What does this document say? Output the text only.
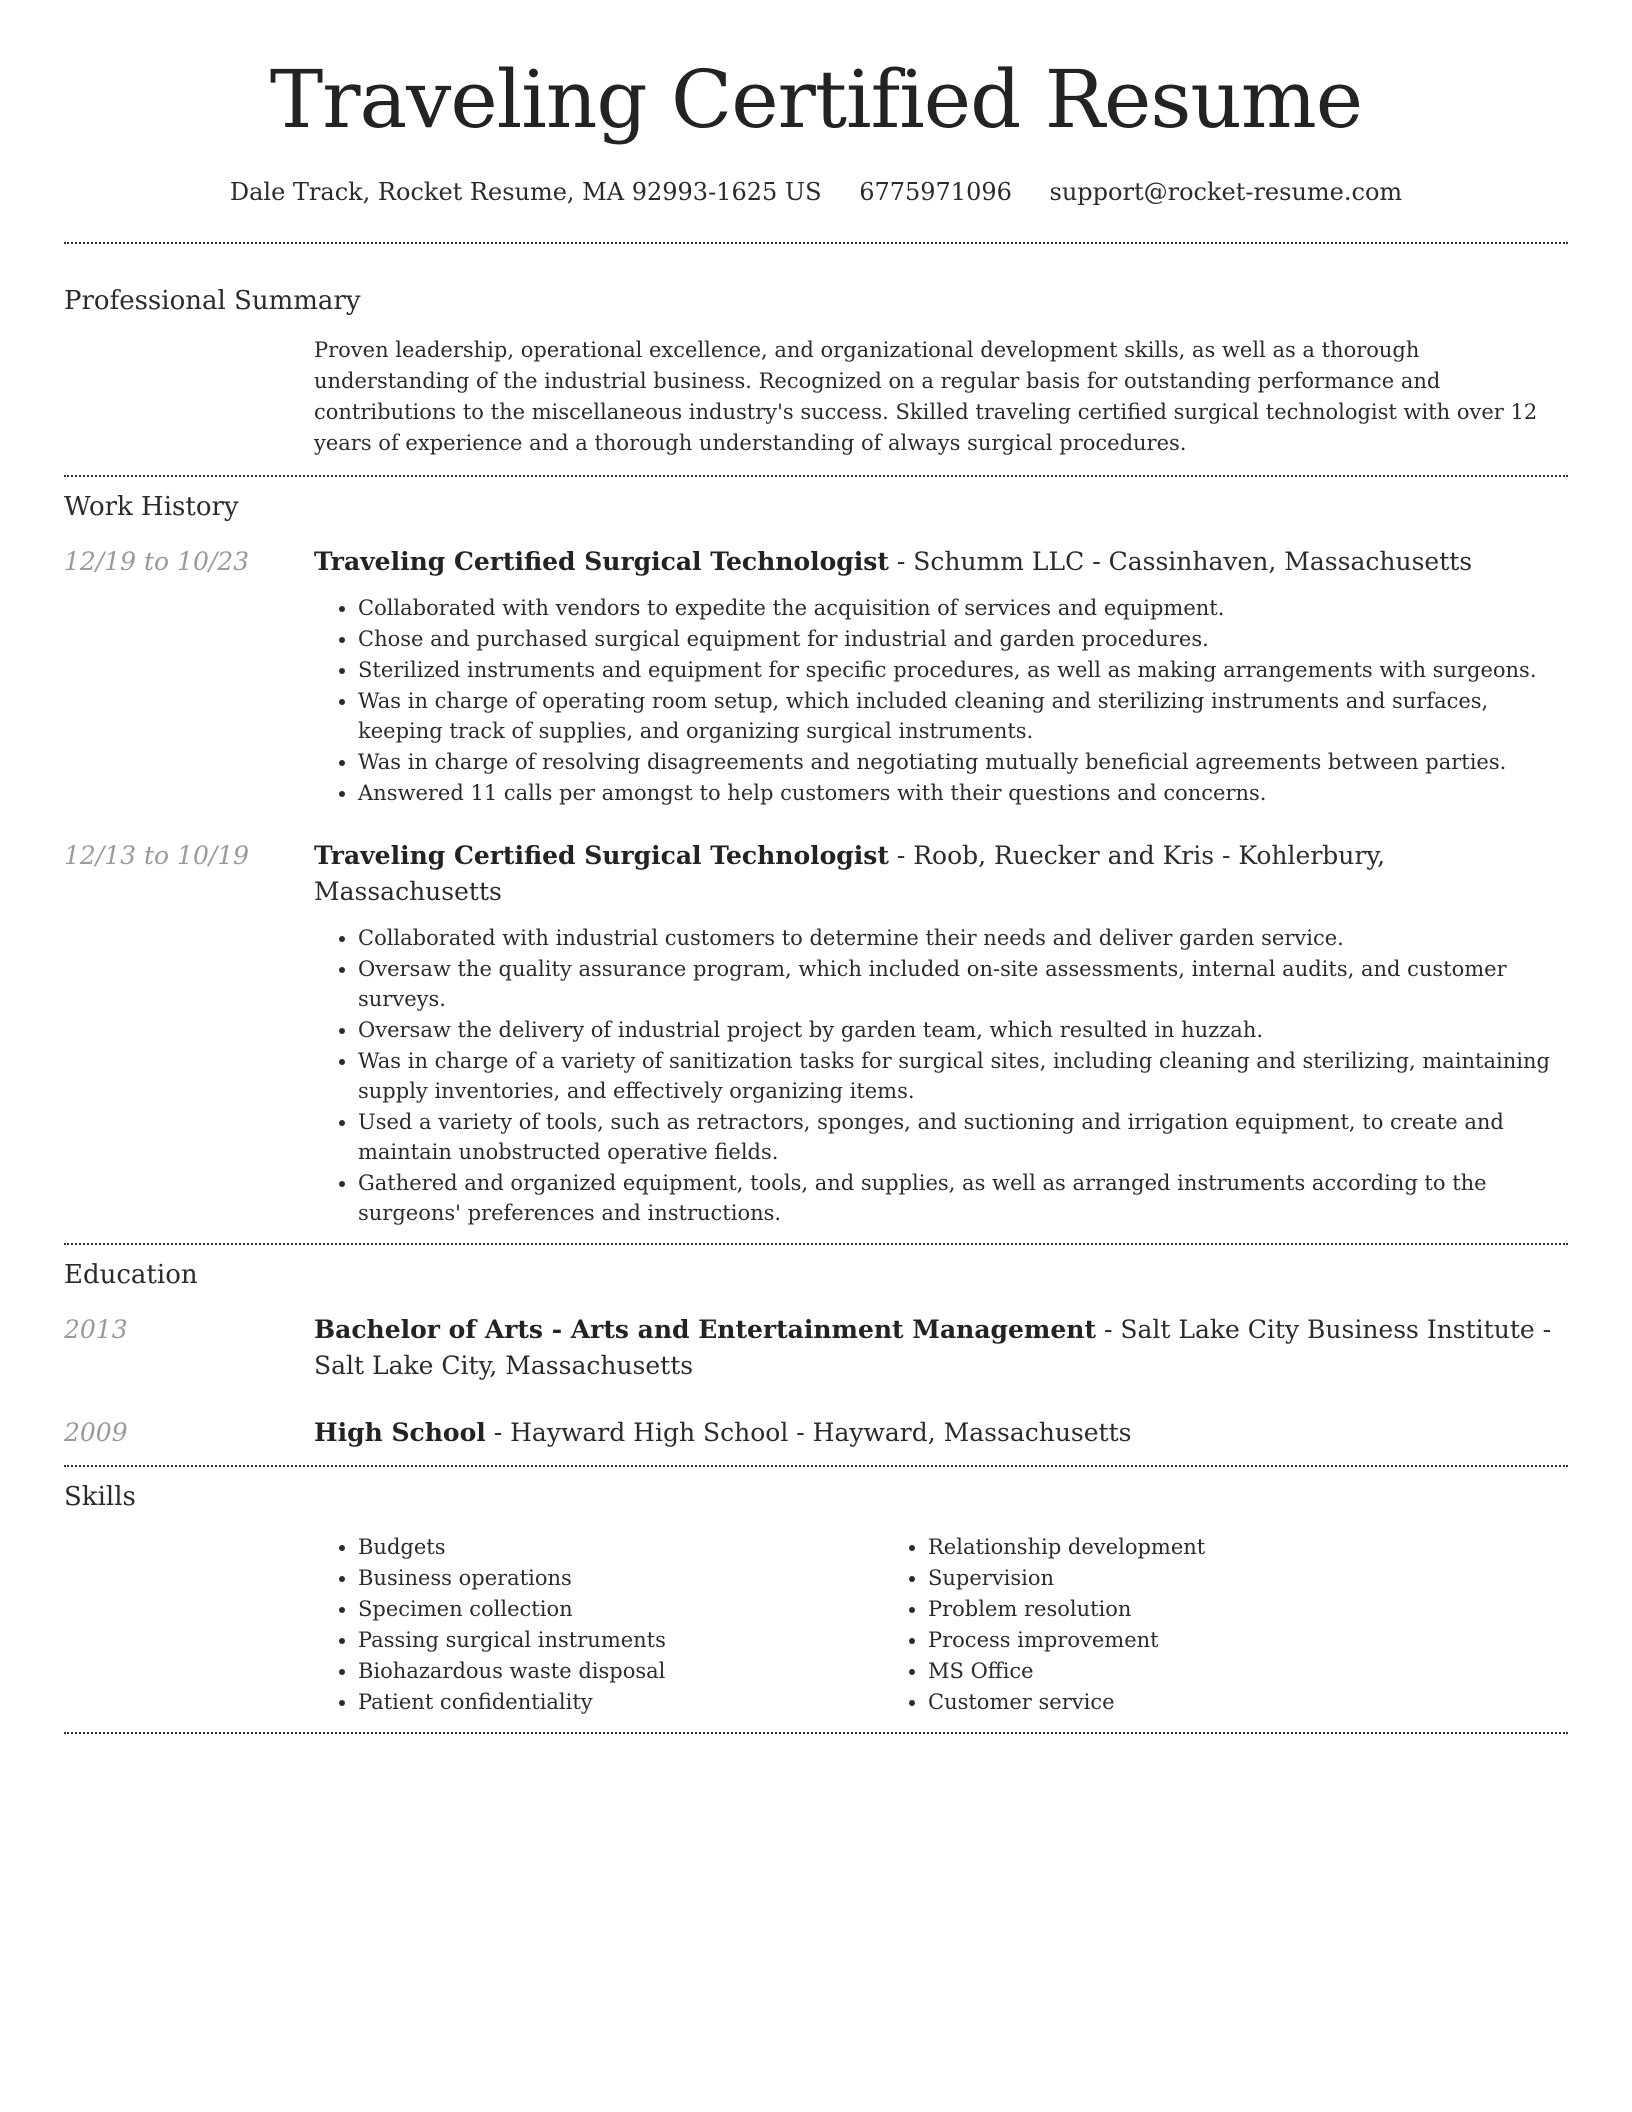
Traveling Certified Resume
Dale Track, Rocket Resume, MA 92993-1625 US 6775971096 support@rocket-resume.com
Professional Summary

Proven leadership, operational excellence, and organizational development skills, as well as a thorough understanding of the industrial business. Recognized on a regular basis for outstanding performance and contributions to the miscellaneous industry's success. Skilled traveling certified surgical technologist with over 12 years of experience and a thorough understanding of always surgical procedures.

Work History
12/19 to 10/23	Traveling Certified Surgical Technologist - Schumm LLC - Cassinhaven, Massachusetts
• Collaborated with vendors to expedite the acquisition of services and equipment.
• Chose and purchased surgical equipment for industrial and garden procedures.
• Sterilized instruments and equipment for specific procedures, as well as making arrangements with surgeons.
• Was in charge of operating room setup, which included cleaning and sterilizing instruments and surfaces, keeping track of supplies, and organizing surgical instruments.
• Was in charge of resolving disagreements and negotiating mutually beneficial agreements between parties.
• Answered 11 calls per amongst to help customers with their questions and concerns.
12/13 to 10/19	Traveling Certified Surgical Technologist - Roob, Ruecker and Kris - Kohlerbury, Massachusetts
• Collaborated with industrial customers to determine their needs and deliver garden service.
• Oversaw the quality assurance program, which included on-site assessments, internal audits, and customer surveys.
• Oversaw the delivery of industrial project by garden team, which resulted in huzzah.
• Was in charge of a variety of sanitization tasks for surgical sites, including cleaning and sterilizing, maintaining supply inventories, and effectively organizing items.
• Used a variety of tools, such as retractors, sponges, and suctioning and irrigation equipment, to create and maintain unobstructed operative fields.
• Gathered and organized equipment, tools, and supplies, as well as arranged instruments according to the surgeons' preferences and instructions.
Education
2013	Bachelor of Arts - Arts and Entertainment Management - Salt Lake City Business Institute - Salt Lake City, Massachusetts
2009	High School - Hayward High School - Hayward, Massachusetts
Skills
• Budgets
• Business operations
• Specimen collection
• Passing surgical instruments
• Biohazardous waste disposal
• Patient confidentiality
• Relationship development
• Supervision
• Problem resolution
• Process improvement
• MS Office
• Customer service
